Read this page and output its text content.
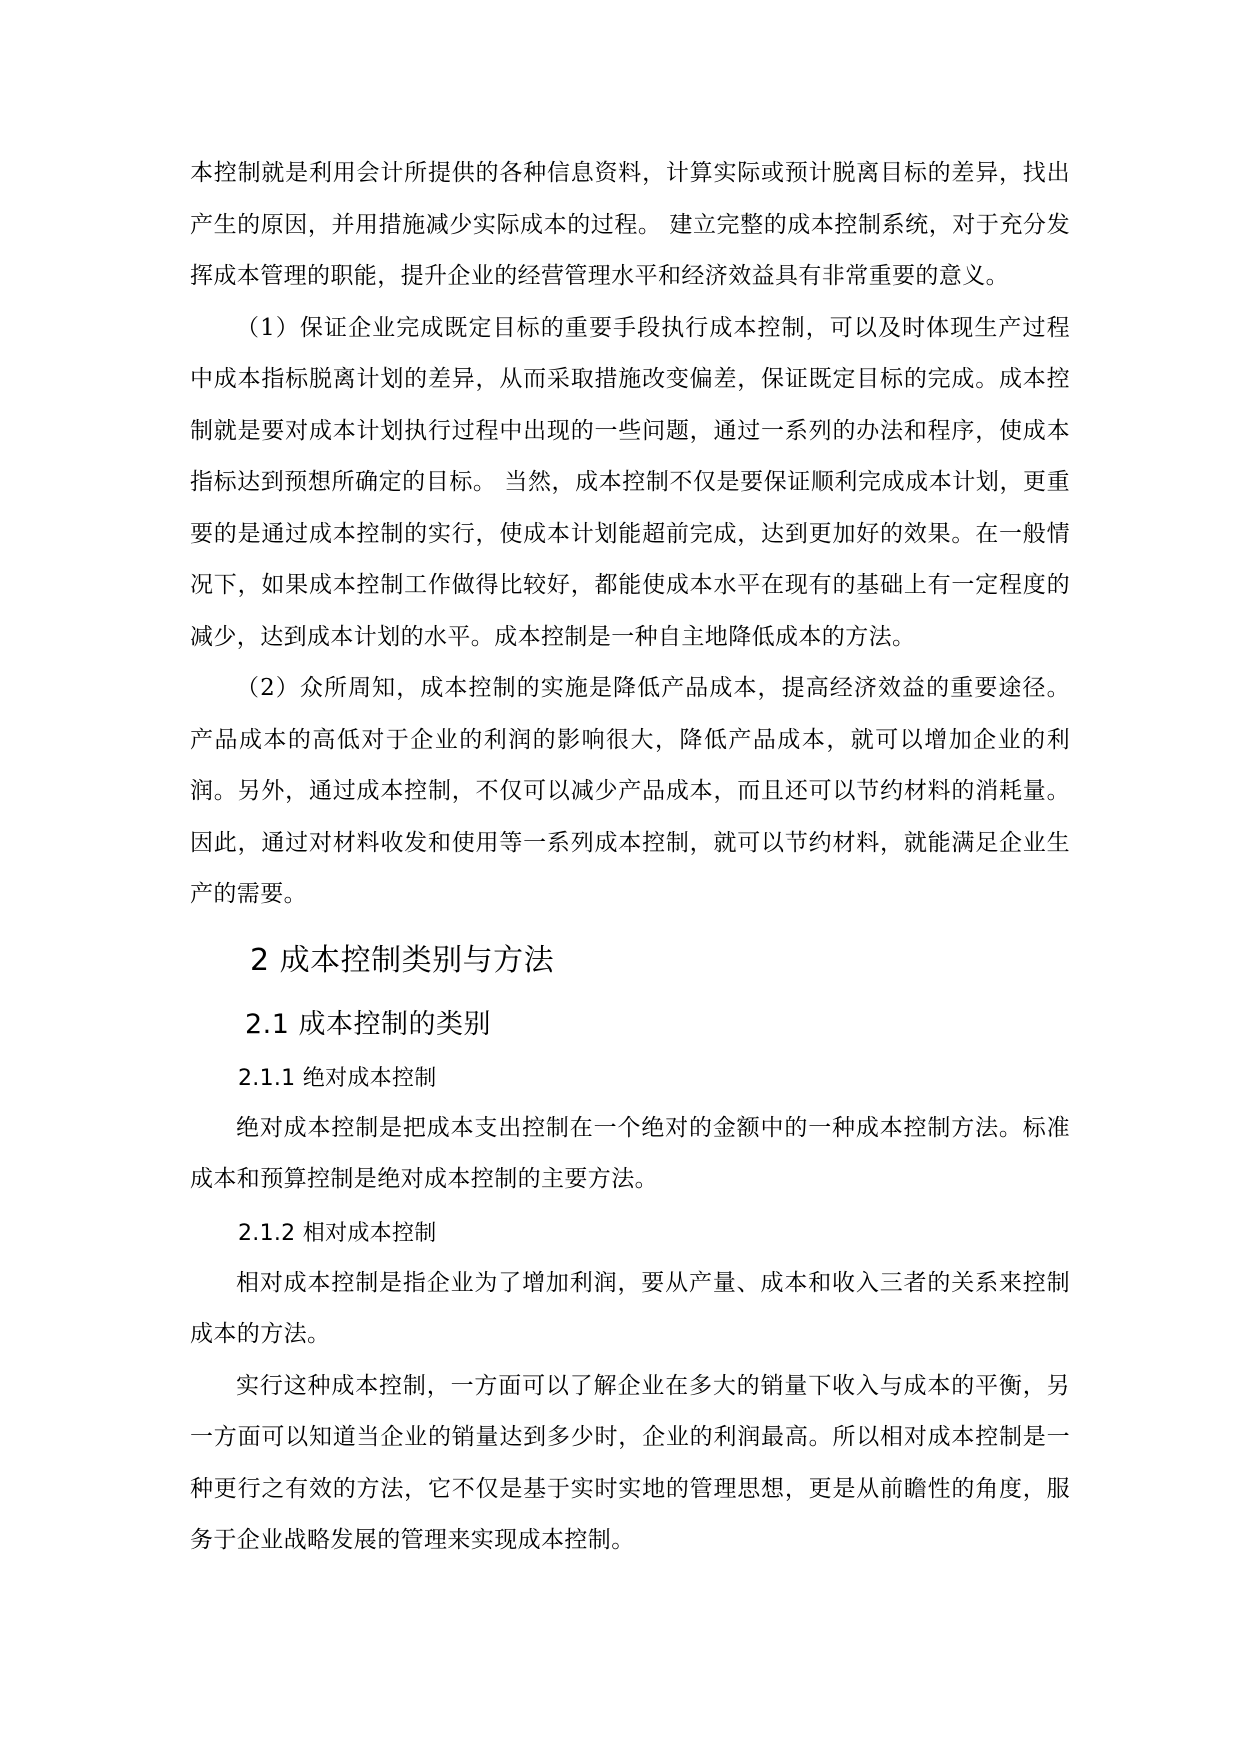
本控制就是利用会计所提供的各种信息资料，计算实际或预计脱离目标的差异，找出产生的原因，并用措施减少实际成本的过程。 建立完整的成本控制系统，对于充分发挥成本管理的职能，提升企业的经营管理水平和经济效益具有非常重要的意义。

（1）保证企业完成既定目标的重要手段执行成本控制，可以及时体现生产过程中成本指标脱离计划的差异，从而采取措施改变偏差，保证既定目标的完成。成本控制就是要对成本计划执行过程中出现的一些问题，通过一系列的办法和程序，使成本指标达到预想所确定的目标。 当然，成本控制不仅是要保证顺利完成成本计划，更重要的是通过成本控制的实行，使成本计划能超前完成，达到更加好的效果。在一般情况下，如果成本控制工作做得比较好，都能使成本水平在现有的基础上有一定程度的减少，达到成本计划的水平。成本控制是一种自主地降低成本的方法。

（2）众所周知，成本控制的实施是降低产品成本，提高经济效益的重要途径。产品成本的高低对于企业的利润的影响很大，降低产品成本，就可以增加企业的利润。另外，通过成本控制，不仅可以减少产品成本，而且还可以节约材料的消耗量。因此，通过对材料收发和使用等一系列成本控制，就可以节约材料，就能满足企业生产的需要。

2 成本控制类别与方法
2.1 成本控制的类别
2.1.1 绝对成本控制

绝对成本控制是把成本支出控制在一个绝对的金额中的一种成本控制方法。标准成本和预算控制是绝对成本控制的主要方法。

2.1.2 相对成本控制

相对成本控制是指企业为了增加利润，要从产量、成本和收入三者的关系来控制成本的方法。

实行这种成本控制，一方面可以了解企业在多大的销量下收入与成本的平衡，另一方面可以知道当企业的销量达到多少时，企业的利润最高。所以相对成本控制是一种更行之有效的方法，它不仅是基于实时实地的管理思想，更是从前瞻性的角度，服务于企业战略发展的管理来实现成本控制。
